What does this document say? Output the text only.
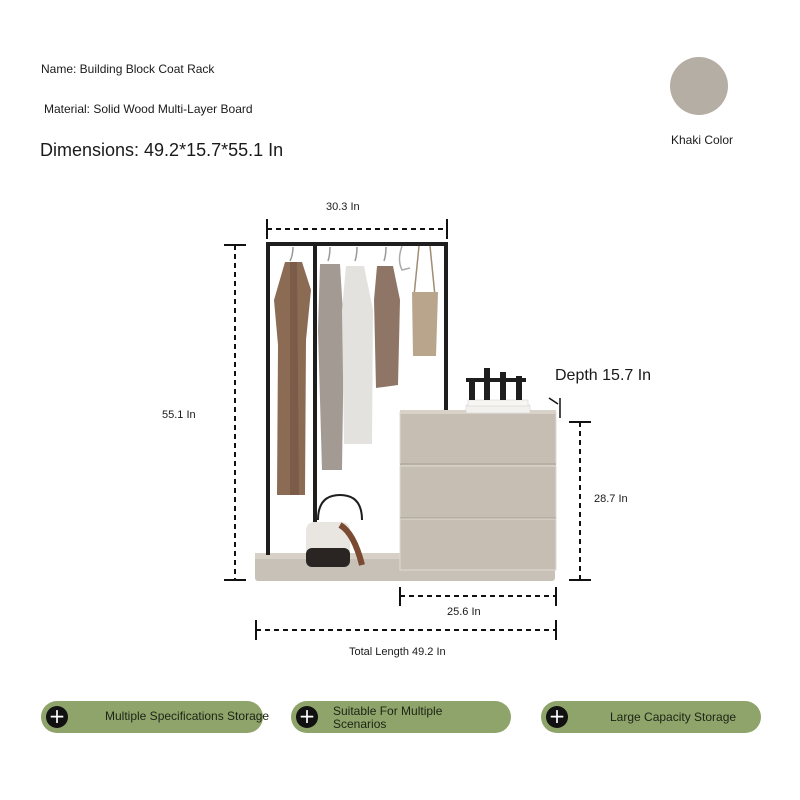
Name: Building Block Coat Rack
Material: Solid Wood Multi-Layer Board
Dimensions: 49.2*15.7*55.1 In	Khaki Color
30.3 In
55.1 In
Depth 15.7 In
28.7 In
25.6 In
Total Length 49.2 In
+	Multiple Specifications Storage + Suitable For Multiple Scenarios	+	Large Capacity Storage
